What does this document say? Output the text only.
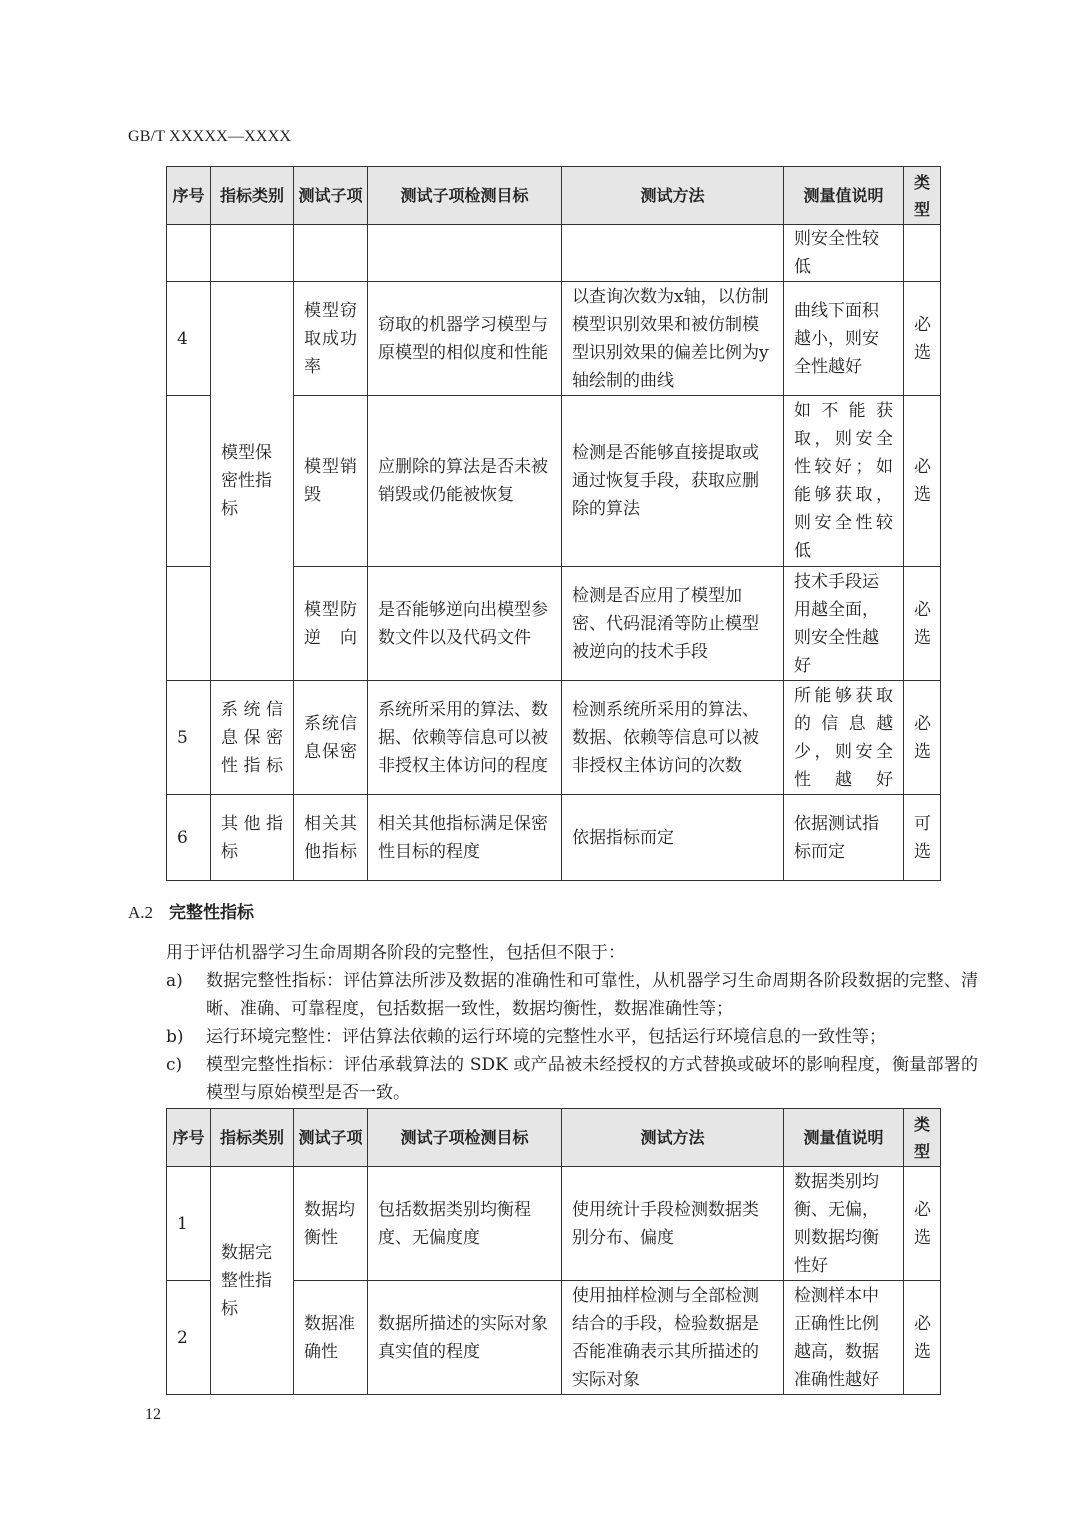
GB/T XXXXX—XXXX
序号	指标类别	测试子项	测试子项检测目标	测试方法	测量值说明	类型
					则安全性较低	
4	模型保密性指标	模型窃取成功率	窃取的机器学习模型与原模型的相似度和性能	以查询次数为x轴，以仿制模型识别效果和被仿制模型识别效果的偏差比例为y轴绘制的曲线	曲线下面积越小，则安全性越好	必选
		模型销毁	应删除的算法是否未被销毁或仍能被恢复	检测是否能够直接提取或通过恢复手段，获取应删除的算法	如不能获取，则安全性较好；如能够获取，则安全性较低	必选
		模型防逆向	是否能够逆向出模型参数文件以及代码文件	检测是否应用了模型加密、代码混淆等防止模型被逆向的技术手段	技术手段运用越全面，则安全性越好	必选
5	系统信息保密性指标	系统信息保密	系统所采用的算法、数据、依赖等信息可以被非授权主体访问的程度	检测系统所采用的算法、数据、依赖等信息可以被非授权主体访问的次数	所能够获取的信息越少，则安全性越好	必选
6	其他指标	相关其他指标	相关其他指标满足保密性目标的程度	依据指标而定	依据测试指标而定	可选
A.2 完整性指标
用于评估机器学习生命周期各阶段的完整性，包括但不限于：
a)	数据完整性指标：评估算法所涉及数据的准确性和可靠性，从机器学习生命周期各阶段数据的完整、清晰、准确、可靠程度，包括数据一致性，数据均衡性，数据准确性等；
b)	运行环境完整性：评估算法依赖的运行环境的完整性水平，包括运行环境信息的一致性等；
c)	模型完整性指标：评估承载算法的 SDK 或产品被未经授权的方式替换或破坏的影响程度，衡量部署的模型与原始模型是否一致。
序号	指标类别	测试子项	测试子项检测目标	测试方法	测量值说明	类型
1	数据完整性指标	数据均衡性	包括数据类别均衡程度、无偏度度	使用统计手段检测数据类别分布、偏度	数据类别均衡、无偏，则数据均衡性好	必选
2		数据准确性	数据所描述的实际对象真实值的程度	使用抽样检测与全部检测结合的手段，检验数据是否能准确表示其所描述的实际对象	检测样本中正确性比例越高，数据准确性越好	必选
12
